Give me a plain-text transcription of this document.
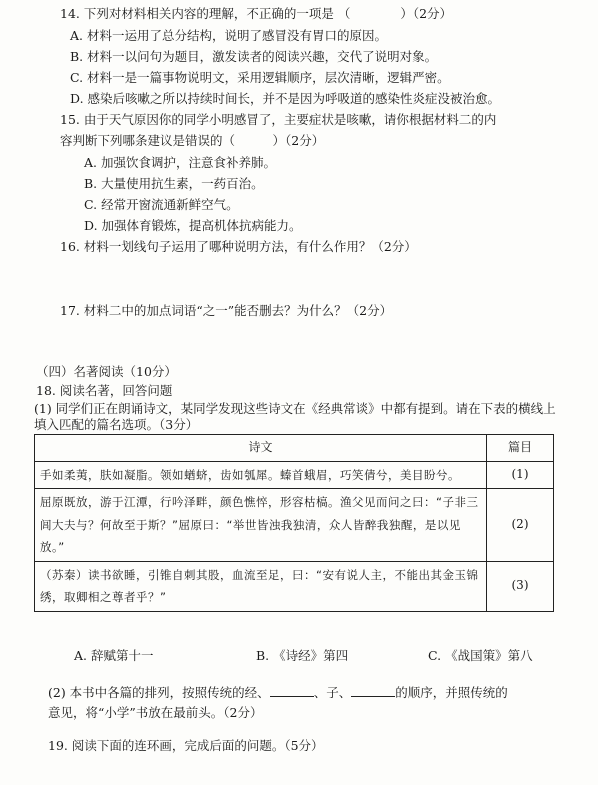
14. 下列对材料相关内容的理解，不正确的一项是 （　　　　）（2分）
A. 材料一运用了总分结构，说明了感冒没有胃口的原因。
B. 材料一以问句为题目，激发读者的阅读兴趣，交代了说明对象。
C. 材料一是一篇事物说明文，采用逻辑顺序，层次清晰，逻辑严密。
D. 感染后咳嗽之所以持续时间长，并不是因为呼吸道的感染性炎症没被治愈。
15. 由于天气原因你的同学小明感冒了，主要症状是咳嗽，请你根据材料二的内
容判断下列哪条建议是错误的（　　　）（2分）
A. 加强饮食调护，注意食补养肺。
B. 大量使用抗生素，一药百治。
C. 经常开窗流通新鲜空气。
D. 加强体育锻炼，提高机体抗病能力。
16. 材料一划线句子运用了哪种说明方法，有什么作用？（2分）
17. 材料二中的加点词语“之一”能否删去？为什么？（2分）
（四）名著阅读（10分）
18. 阅读名著，回答问题
(1) 同学们正在朗诵诗文，某同学发现这些诗文在《经典常谈》中都有提到。请在下表的横线上填入匹配的篇名选项。（3分）
诗文	篇目
手如柔荑，肤如凝脂。领如蝤蛴，齿如瓠犀。螓首蛾眉，巧笑倩兮，美目盼兮。	(1)
屈原既放，游于江潭，行吟泽畔，颜色憔悴，形容枯槁。渔父见而问之曰：“子非三闾大夫与？何故至于斯？”屈原曰：“举世皆浊我独清，众人皆醉我独醒，是以见放。”	(2)
（苏秦）读书欲睡，引锥自刺其股，血流至足，曰：“安有说人主，不能出其金玉锦绣，取卿相之尊者乎？”	(3)
A. 辞赋第十一	B. 《诗经》第四	C. 《战国策》第八
(2) 本书中各篇的排列，按照传统的经、	、子、	的顺序，并照传统的
意见，将“小学”书放在最前头。（2分）
19. 阅读下面的连环画，完成后面的问题。（5分）
